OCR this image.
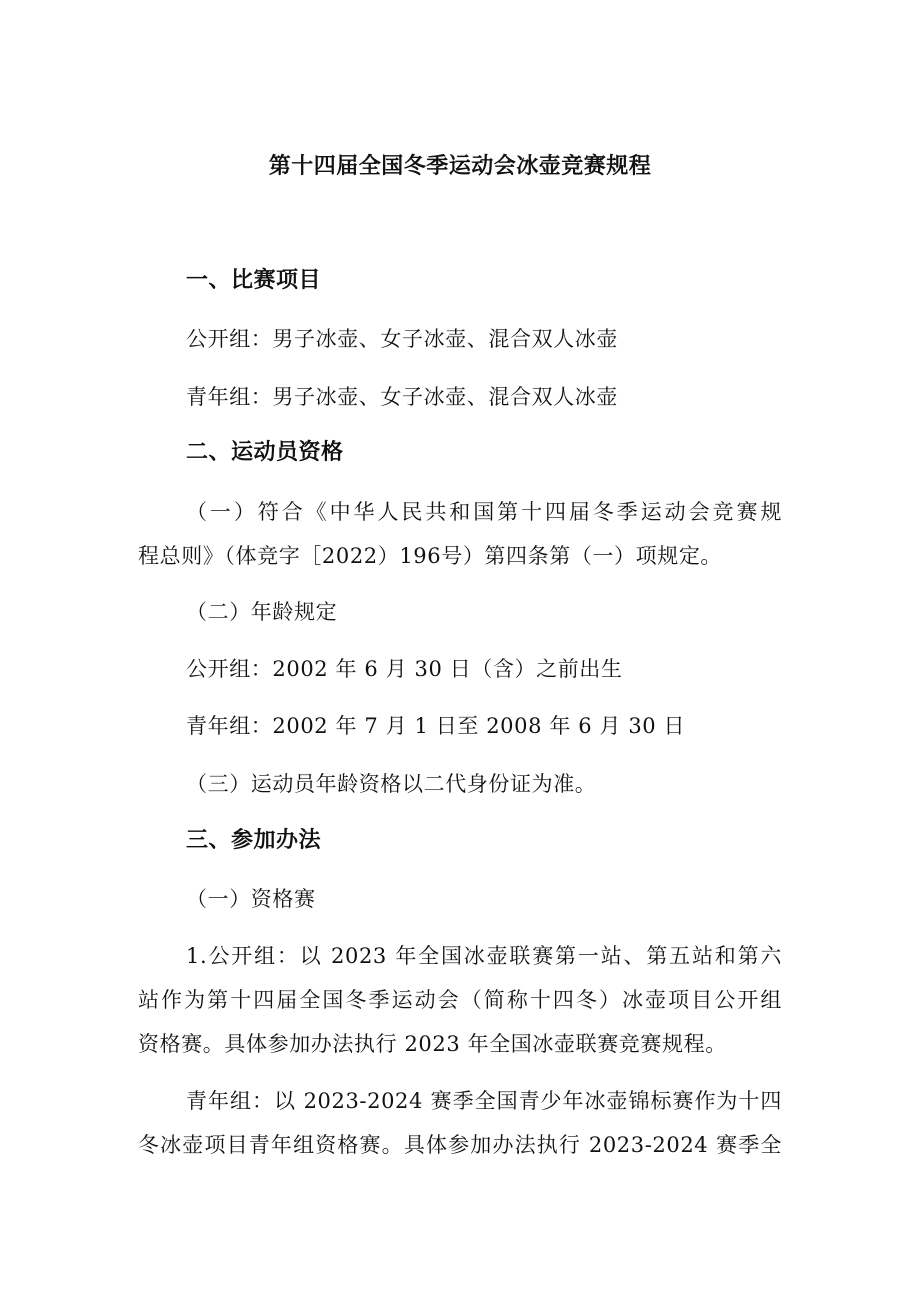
第十四届全国冬季运动会冰壶竞赛规程
一、比赛项目
公开组：男子冰壶、女子冰壶、混合双人冰壶
青年组：男子冰壶、女子冰壶、混合双人冰壶
二、运动员资格
（一）符合《中华人民共和国第十四届冬季运动会竞赛规
程总则》（体竞字［2022）196号）第四条第（一）项规定。
（二）年龄规定
公开组：2002 年 6 月 30 日（含）之前出生
青年组：2002 年 7 月 1 日至 2008 年 6 月 30 日
（三）运动员年龄资格以二代身份证为准。
三、参加办法
（一）资格赛
1.公开组：以 2023 年全国冰壶联赛第一站、第五站和第六
站作为第十四届全国冬季运动会（简称十四冬）冰壶项目公开组
资格赛。具体参加办法执行 2023 年全国冰壶联赛竞赛规程。
青年组：以 2023-2024 赛季全国青少年冰壶锦标赛作为十四
冬冰壶项目青年组资格赛。具体参加办法执行 2023-2024 赛季全
